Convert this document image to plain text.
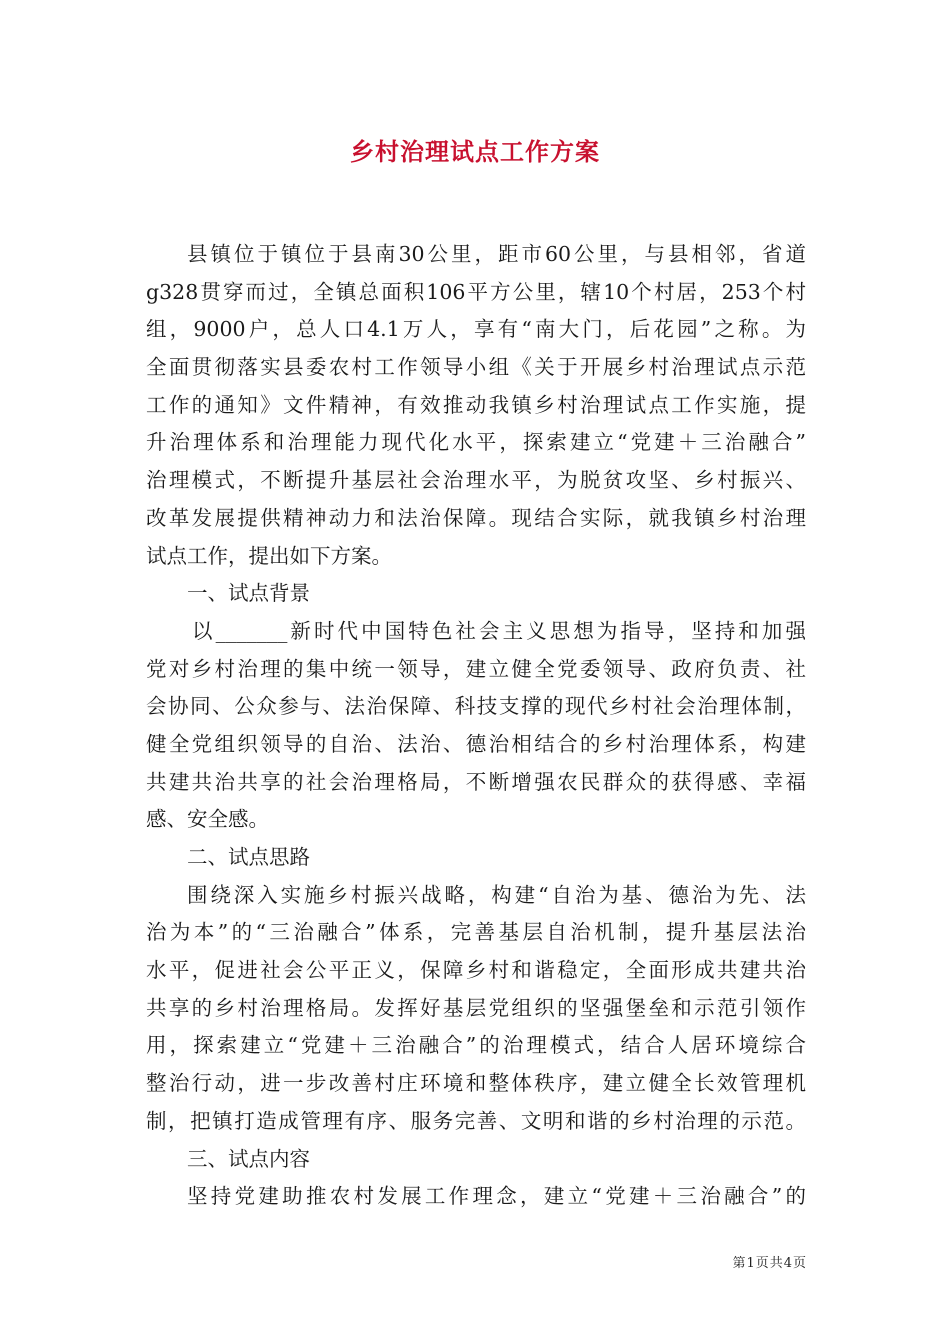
乡村治理试点工作方案
县镇位于镇位于县南30公里，距市60公里，与县相邻，省道
g328贯穿而过，全镇总面积106平方公里，辖10个村居，253个村
组，9000户，总人口4.1万人，享有“南大门，后花园”之称。为
全面贯彻落实县委农村工作领导小组《关于开展乡村治理试点示范
工作的通知》文件精神，有效推动我镇乡村治理试点工作实施，提
升治理体系和治理能力现代化水平，探索建立“党建＋三治融合”
治理模式，不断提升基层社会治理水平，为脱贫攻坚、乡村振兴、
改革发展提供精神动力和法治保障。现结合实际，就我镇乡村治理
试点工作，提出如下方案。
一、试点背景
以_______新时代中国特色社会主义思想为指导，坚持和加强
党对乡村治理的集中统一领导，建立健全党委领导、政府负责、社
会协同、公众参与、法治保障、科技支撑的现代乡村社会治理体制，
健全党组织领导的自治、法治、德治相结合的乡村治理体系，构建
共建共治共享的社会治理格局，不断增强农民群众的获得感、幸福
感、安全感。
二、试点思路
围绕深入实施乡村振兴战略，构建“自治为基、德治为先、法
治为本”的“三治融合”体系，完善基层自治机制，提升基层法治
水平，促进社会公平正义，保障乡村和谐稳定，全面形成共建共治
共享的乡村治理格局。发挥好基层党组织的坚强堡垒和示范引领作
用，探索建立“党建＋三治融合”的治理模式，结合人居环境综合
整治行动，进一步改善村庄环境和整体秩序，建立健全长效管理机
制，把镇打造成管理有序、服务完善、文明和谐的乡村治理的示范。
三、试点内容
坚持党建助推农村发展工作理念，建立“党建＋三治融合”的
第1页共4页
